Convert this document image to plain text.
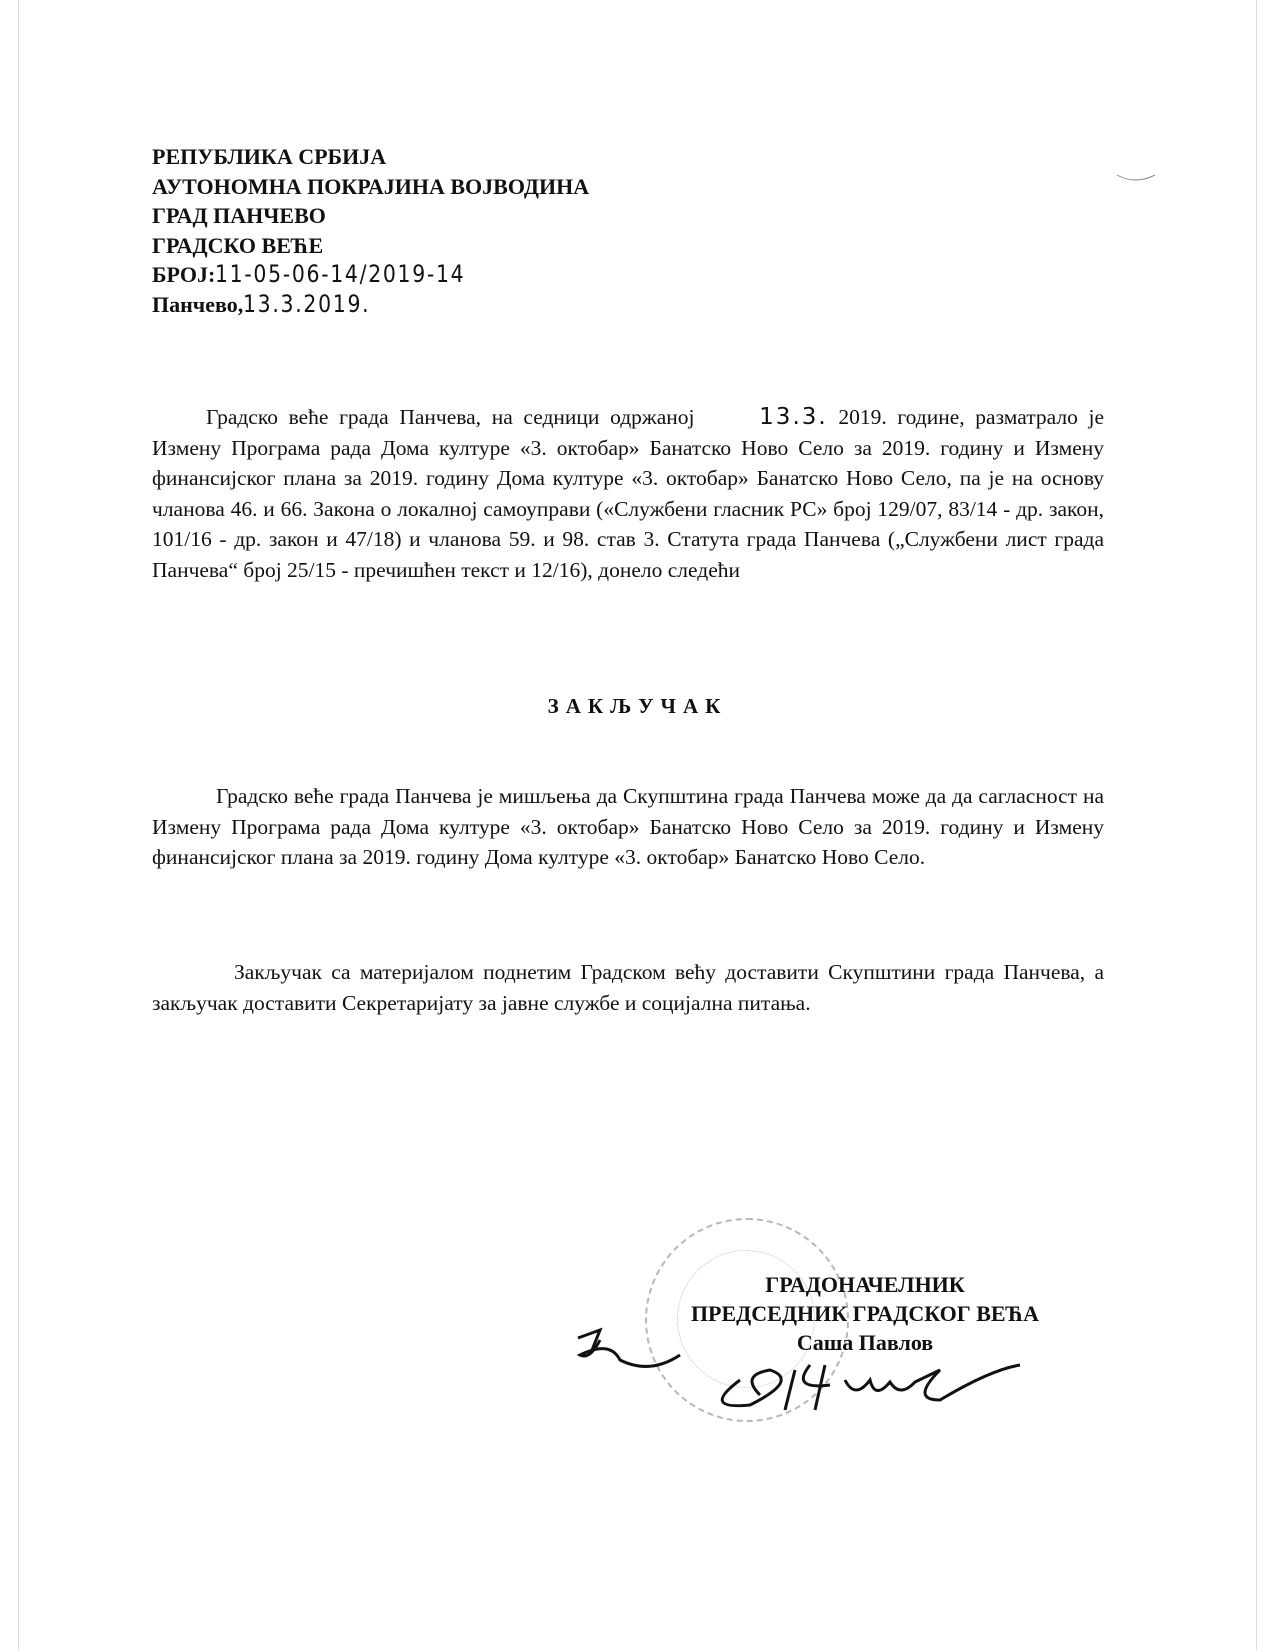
РЕПУБЛИКА СРБИЈА
АУТОНОМНА ПОКРАЈИНА ВОЈВОДИНА
ГРАД ПАНЧЕВО
ГРАДСКО ВЕЋЕ
БРОЈ:11-05-06-14/2019-14
Панчево,13.3.2019.
Градско веће града Панчева, на седници одржаној 13.3. 2019. године, разматрало је Измену Програма рада Дома културе «3. октобар» Банатско Ново Село за 2019. годину и Измену финансијског плана за 2019. годину Дома културе «3. октобар» Банатско Ново Село, па је на основу чланова 46. и 66. Закона о локалној самоуправи («Службени гласник РС» број 129/07, 83/14 - др. закон, 101/16 - др. закон и 47/18) и чланова 59. и 98. став 3. Статута града Панчева („Службени лист града Панчева“ број 25/15 - пречишћен текст и 12/16), донело следећи
ЗАКЉУЧАК
Градско веће града Панчева је мишљења да Скупштина града Панчева може да да сагласност на Измену Програма рада Дома културе «3. октобар» Банатско Ново Село за 2019. годину и Измену финансијског плана за 2019. годину Дома културе «3. октобар» Банатско Ново Село.
Закључак са материјалом поднетим Градском већу доставити Скупштини града Панчева, а закључак доставити Секретаријату за јавне службе и социјална питања.
ГРАДОНАЧЕЛНИК
ПРЕДСЕДНИК ГРАДСКОГ ВЕЋА
Саша Павлов
